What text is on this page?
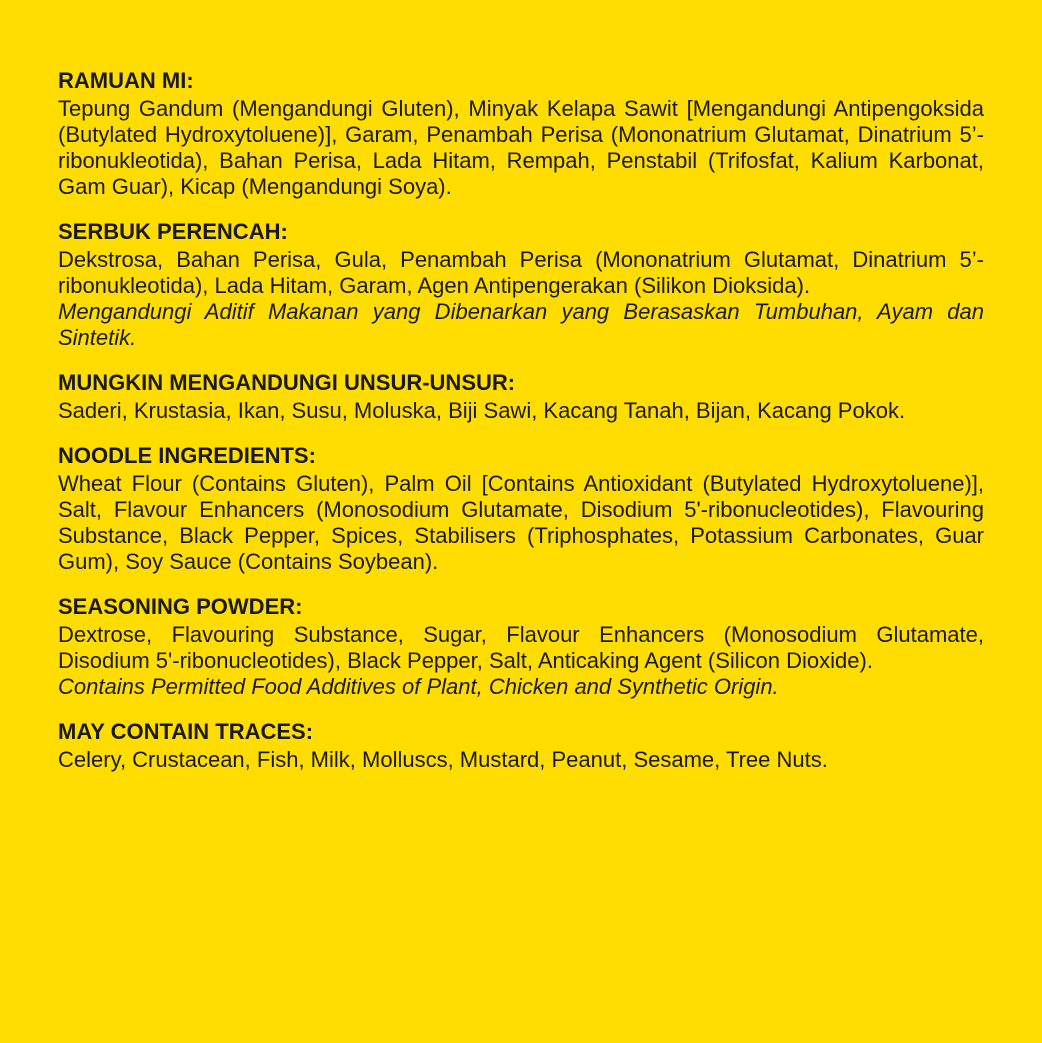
RAMUAN MI:

Tepung Gandum (Mengandungi Gluten), Minyak Kelapa Sawit [Mengandungi Antipengoksida (Butylated Hydroxytoluene)], Garam, Penambah Perisa (Mononatrium Glutamat, Dinatrium 5’-ribonukleotida), Bahan Perisa, Lada Hitam, Rempah, Penstabil (Trifosfat, Kalium Karbonat, Gam Guar), Kicap (Mengandungi Soya).

SERBUK PERENCAH:

Dekstrosa, Bahan Perisa, Gula, Penambah Perisa (Mononatrium Glutamat, Dinatrium 5’-ribonukleotida), Lada Hitam, Garam, Agen Antipengerakan (Silikon Dioksida).

Mengandungi Aditif Makanan yang Dibenarkan yang Berasaskan Tumbuhan, Ayam dan Sintetik.

MUNGKIN MENGANDUNGI UNSUR-UNSUR:

Saderi, Krustasia, Ikan, Susu, Moluska, Biji Sawi, Kacang Tanah, Bijan, Kacang Pokok.

NOODLE INGREDIENTS:

Wheat Flour (Contains Gluten), Palm Oil [Contains Antioxidant (Butylated Hydroxytoluene)], Salt, Flavour Enhancers (Monosodium Glutamate, Disodium 5'-ribonucleotides), Flavouring Substance, Black Pepper, Spices, Stabilisers (Triphosphates, Potassium Carbonates, Guar Gum), Soy Sauce (Contains Soybean).

SEASONING POWDER:

Dextrose, Flavouring Substance, Sugar, Flavour Enhancers (Monosodium Glutamate, Disodium 5'-ribonucleotides), Black Pepper, Salt, Anticaking Agent (Silicon Dioxide).

Contains Permitted Food Additives of Plant, Chicken and Synthetic Origin.

MAY CONTAIN TRACES:

Celery, Crustacean, Fish, Milk, Molluscs, Mustard, Peanut, Sesame, Tree Nuts.
